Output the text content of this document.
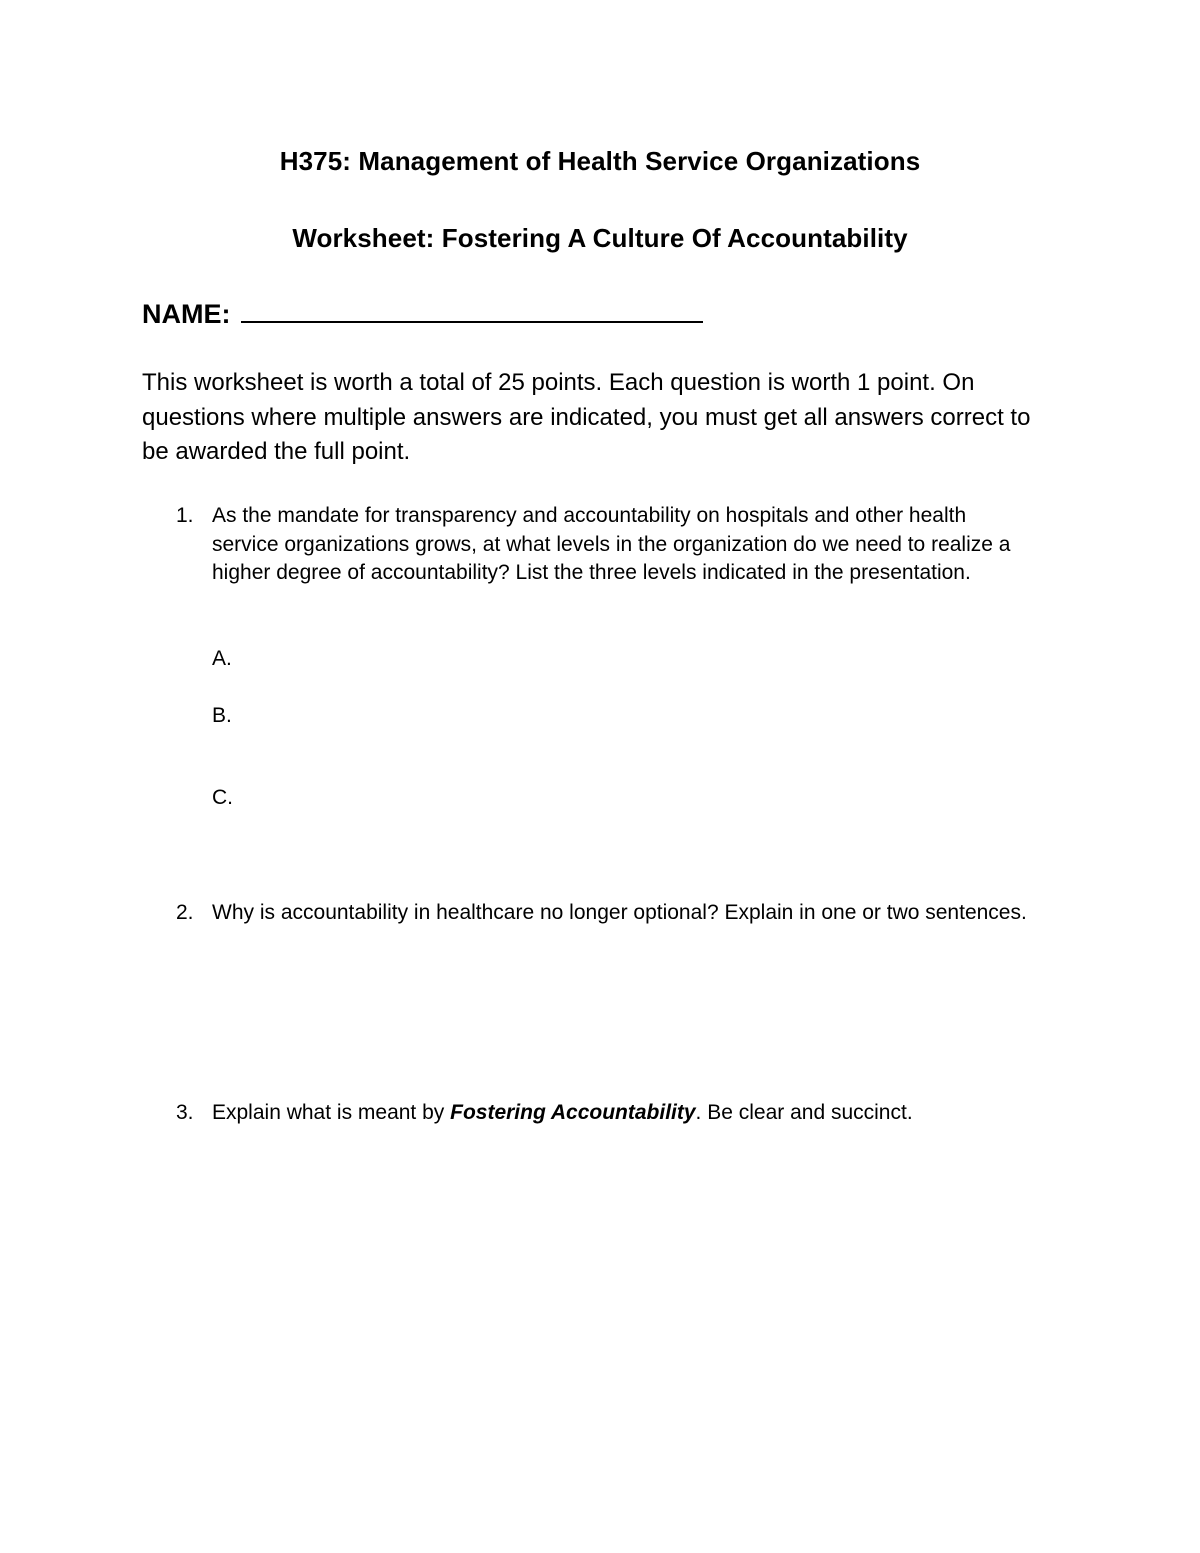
H375: Management of Health Service Organizations
Worksheet: Fostering A Culture Of Accountability
NAME:
This worksheet is worth a total of 25 points. Each question is worth 1 point. On questions where multiple answers are indicated, you must get all answers correct to be awarded the full point.
1. As the mandate for transparency and accountability on hospitals and other health
service organizations grows, at what levels in the organization do we need to realize a
higher degree of accountability? List the three levels indicated in the presentation.
A.
B.
C.
2. Why is accountability in healthcare no longer optional? Explain in one or two sentences.
3. Explain what is meant by Fostering Accountability. Be clear and succinct.
